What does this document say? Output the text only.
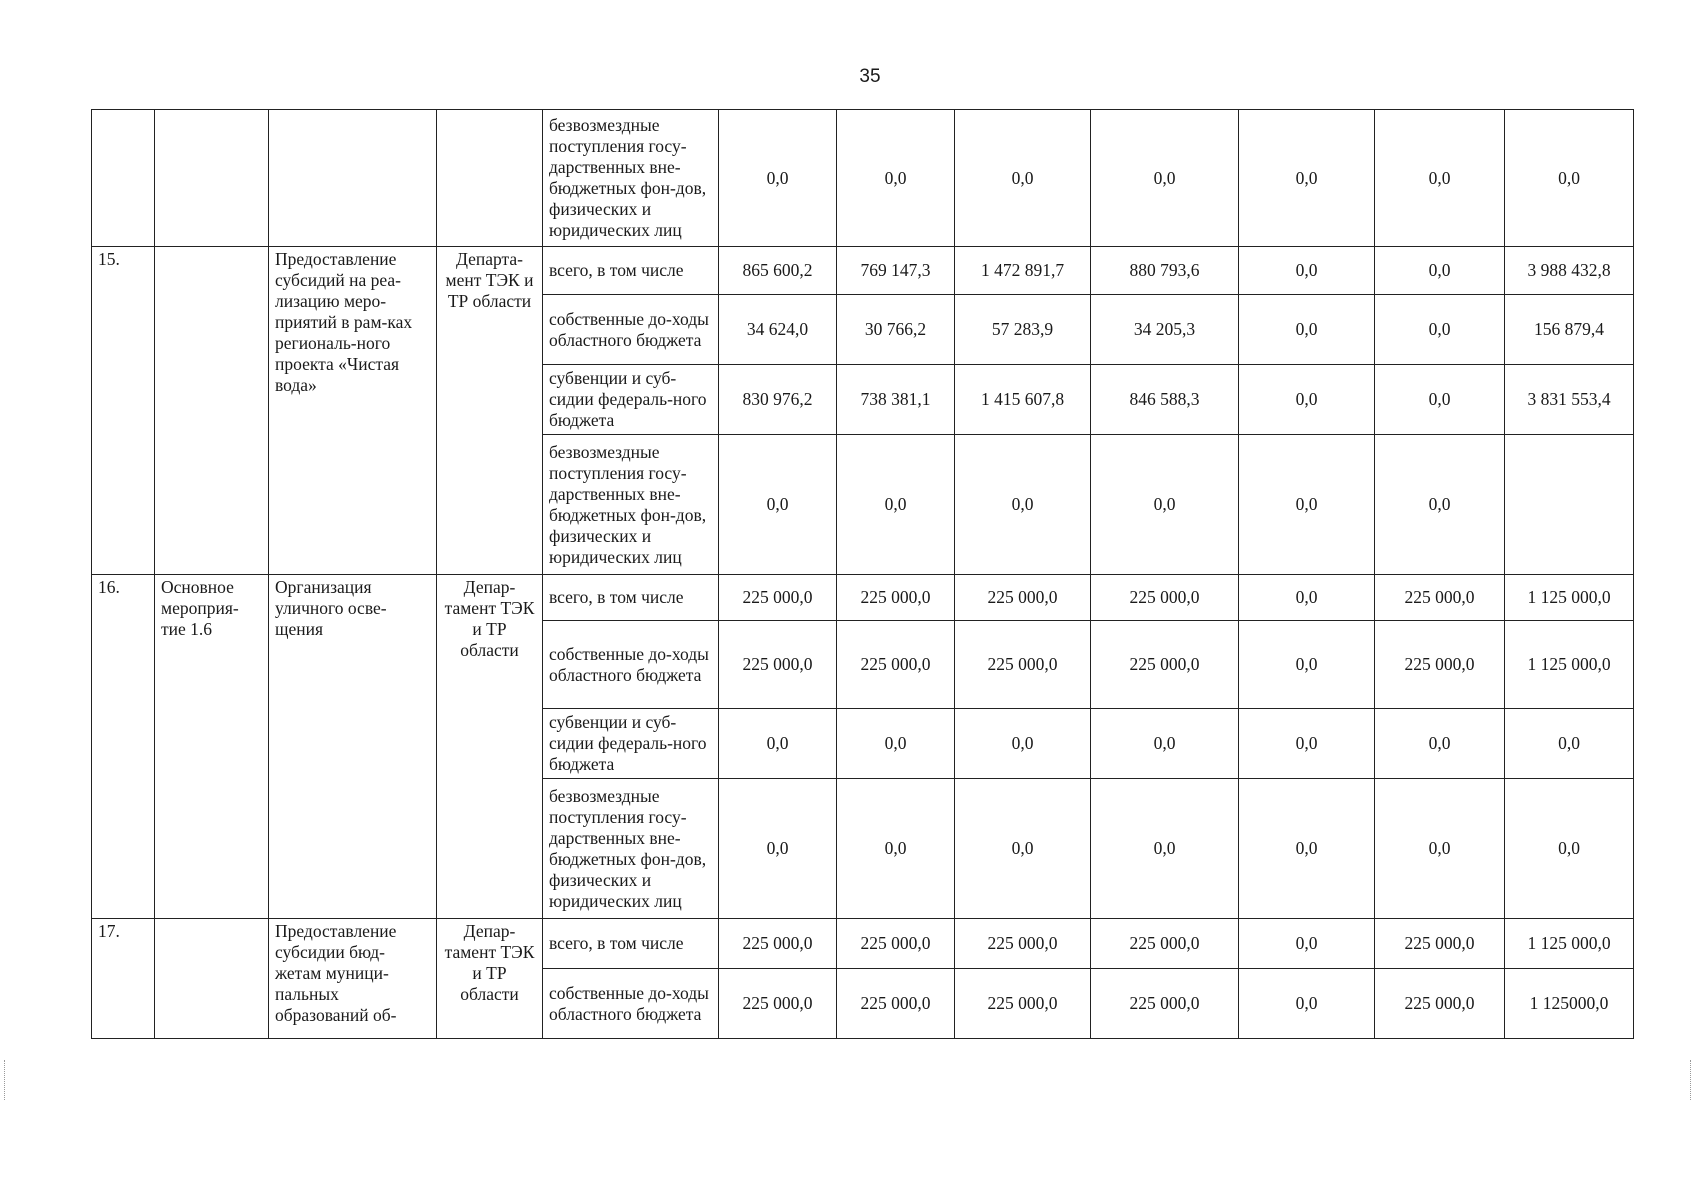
35
				безвозмездные поступления госу-дарственных вне-бюджетных фон-дов, физических и юридических лиц	0,0	0,0	0,0	0,0	0,0	0,0	0,0
15.		Предоставление субсидий на реа-лизацию меро-приятий в рам-ках региональ-ного проекта «Чистая вода»	Департа-мент ТЭК и ТР области	всего, в том числе	865 600,2	769 147,3	1 472 891,7	880 793,6	0,0	0,0	3 988 432,8
				собственные до-ходы областного бюджета	34 624,0	30 766,2	57 283,9	34 205,3	0,0	0,0	156 879,4
				субвенции и суб-сидии федераль-ного бюджета	830 976,2	738 381,1	1 415 607,8	846 588,3	0,0	0,0	3 831 553,4
				безвозмездные поступления госу-дарственных вне-бюджетных фон-дов, физических и юридических лиц	0,0	0,0	0,0	0,0	0,0	0,0	
16.	Основное мероприя-тие 1.6	Организация уличного осве-щения	Депар-тамент ТЭК и ТР области	всего, в том числе	225 000,0	225 000,0	225 000,0	225 000,0	0,0	225 000,0	1 125 000,0
				собственные до-ходы областного бюджета	225 000,0	225 000,0	225 000,0	225 000,0	0,0	225 000,0	1 125 000,0
				субвенции и суб-сидии федераль-ного бюджета	0,0	0,0	0,0	0,0	0,0	0,0	0,0
				безвозмездные поступления госу-дарственных вне-бюджетных фон-дов, физических и юридических лиц	0,0	0,0	0,0	0,0	0,0	0,0	0,0
17.		Предоставление субсидии бюд-жетам муници-пальных образований об-	Депар-тамент ТЭК и ТР области	всего, в том числе	225 000,0	225 000,0	225 000,0	225 000,0	0,0	225 000,0	1 125 000,0
				собственные до-ходы областного бюджета	225 000,0	225 000,0	225 000,0	225 000,0	0,0	225 000,0	1 125000,0
